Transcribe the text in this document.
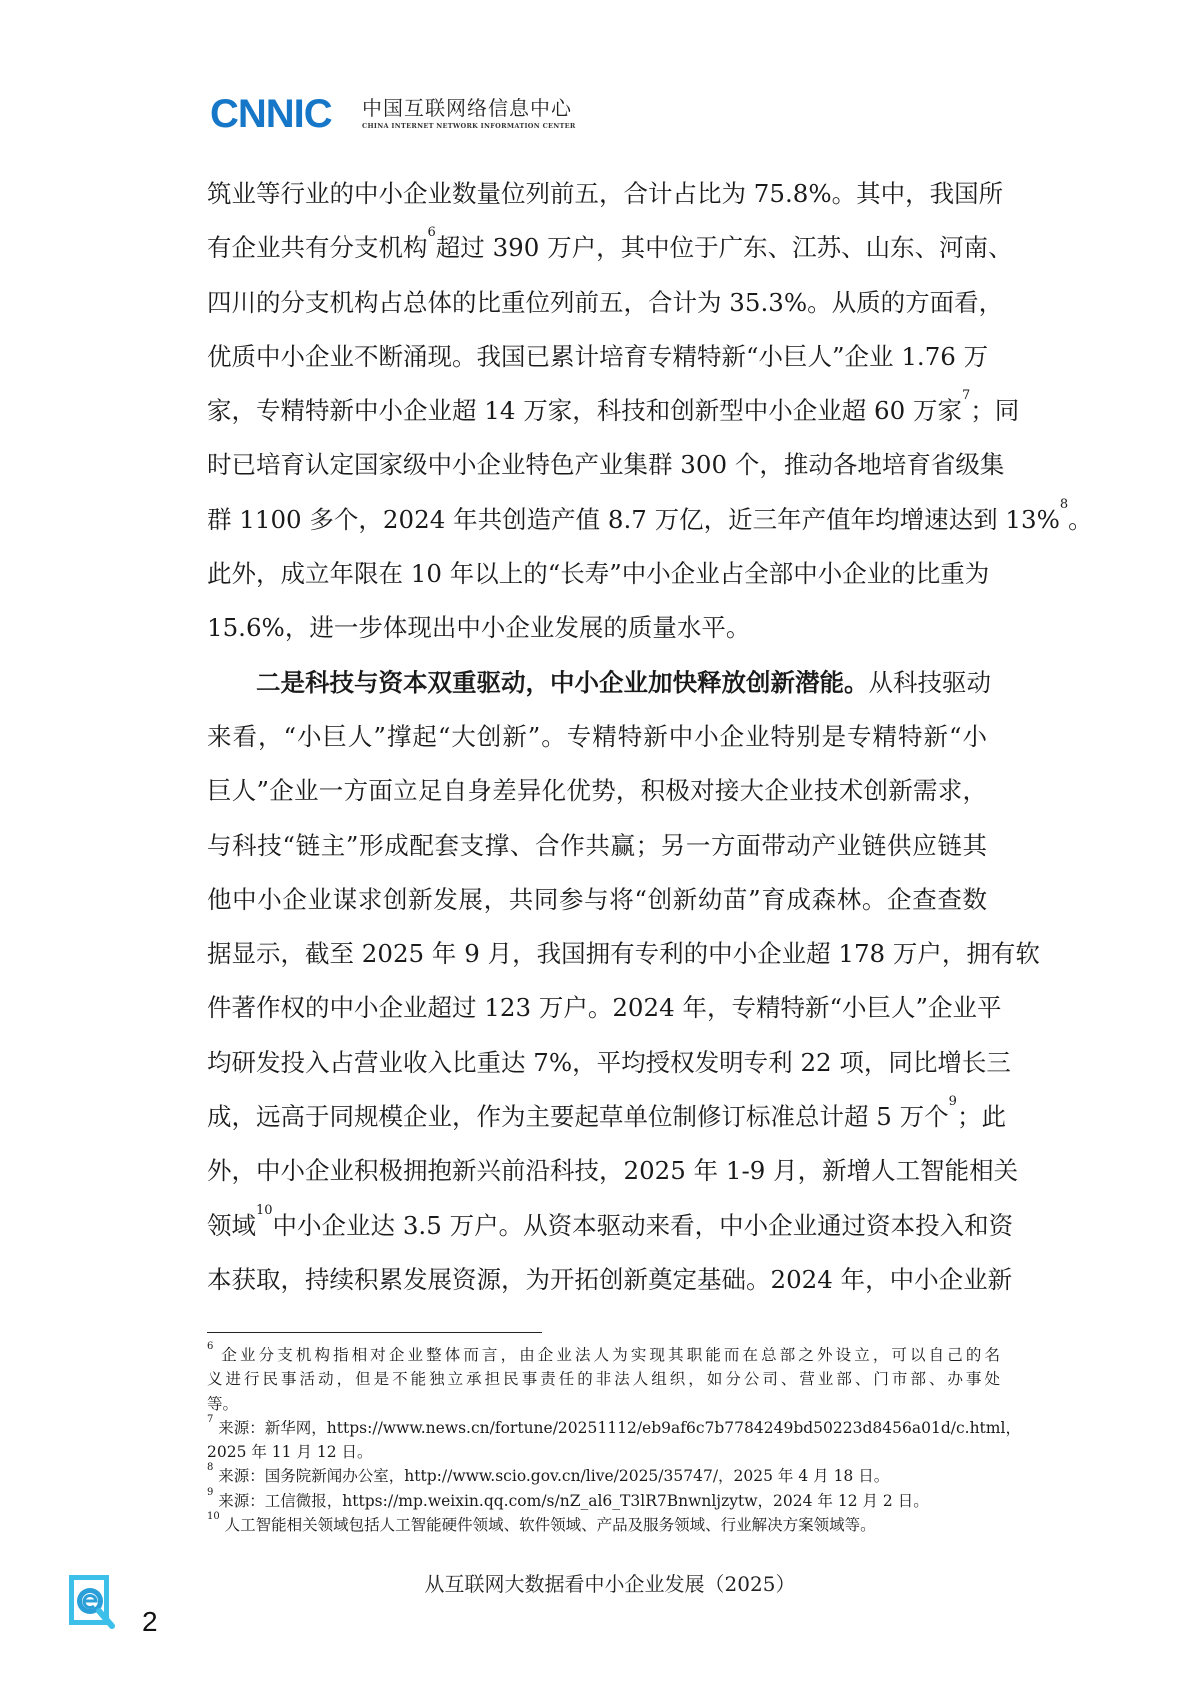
CNNIC 中国互联网络信息中心
CHINA INTERNET NETWORK INFORMATION CENTER
筑业等行业的中小企业数量位列前五，合计占比为 75.8%。其中，我国所
有企业共有分支机构$^6$超过 390 万户，其中位于广东、江苏、山东、河南、
四川的分支机构占总体的比重位列前五，合计为 35.3%。从质的方面看，
优质中小企业不断涌现。我国已累计培育专精特新“小巨人”企业 1.76 万
家，专精特新中小企业超 14 万家，科技和创新型中小企业超 60 万家$^7$；同
时已培育认定国家级中小企业特色产业集群 300 个，推动各地培育省级集
群 1100 多个，2024 年共创造产值 8.7 万亿，近三年产值年均增速达到 13%$^8$。
此外，成立年限在 10 年以上的“长寿”中小企业占全部中小企业的比重为
15.6%，进一步体现出中小企业发展的质量水平。
二是科技与资本双重驱动，中小企业加快释放创新潜能。从科技驱动
来看，“小巨人”撑起“大创新”。专精特新中小企业特别是专精特新“小
巨人”企业一方面立足自身差异化优势，积极对接大企业技术创新需求，
与科技“链主”形成配套支撑、合作共赢；另一方面带动产业链供应链其
他中小企业谋求创新发展，共同参与将“创新幼苗”育成森林。企查查数
据显示，截至 2025 年 9 月，我国拥有专利的中小企业超 178 万户，拥有软
件著作权的中小企业超过 123 万户。2024 年，专精特新“小巨人”企业平
均研发投入占营业收入比重达 7%，平均授权发明专利 22 项，同比增长三
成，远高于同规模企业，作为主要起草单位制修订标准总计超 5 万个$^9$；此
外，中小企业积极拥抱新兴前沿科技，2025 年 1-9 月，新增人工智能相关
领域$^{10}$中小企业达 3.5 万户。从资本驱动来看，中小企业通过资本投入和资
本获取，持续积累发展资源，为开拓创新奠定基础。2024 年，中小企业新
$^6$ 企业分支机构指相对企业整体而言，由企业法人为实现其职能而在总部之外设立，可以自己的名
义进行民事活动，但是不能独立承担民事责任的非法人组织，如分公司、营业部、门市部、办事处
等。
$^7$ 来源：新华网，https://www.news.cn/fortune/20251112/eb9af6c7b7784249bd50223d8456a01d/c.html，
2025 年 11 月 12 日。
$^8$ 来源：国务院新闻办公室，http://www.scio.gov.cn/live/2025/35747/，2025 年 4 月 18 日。
$^9$ 来源：工信微报，https://mp.weixin.qq.com/s/nZ_al6_T3lR7Bnwnljzytw，2024 年 12 月 2 日。
$^{10}$ 人工智能相关领域包括人工智能硬件领域、软件领域、产品及服务领域、行业解决方案领域等。
2
从互联网大数据看中小企业发展（2025）
